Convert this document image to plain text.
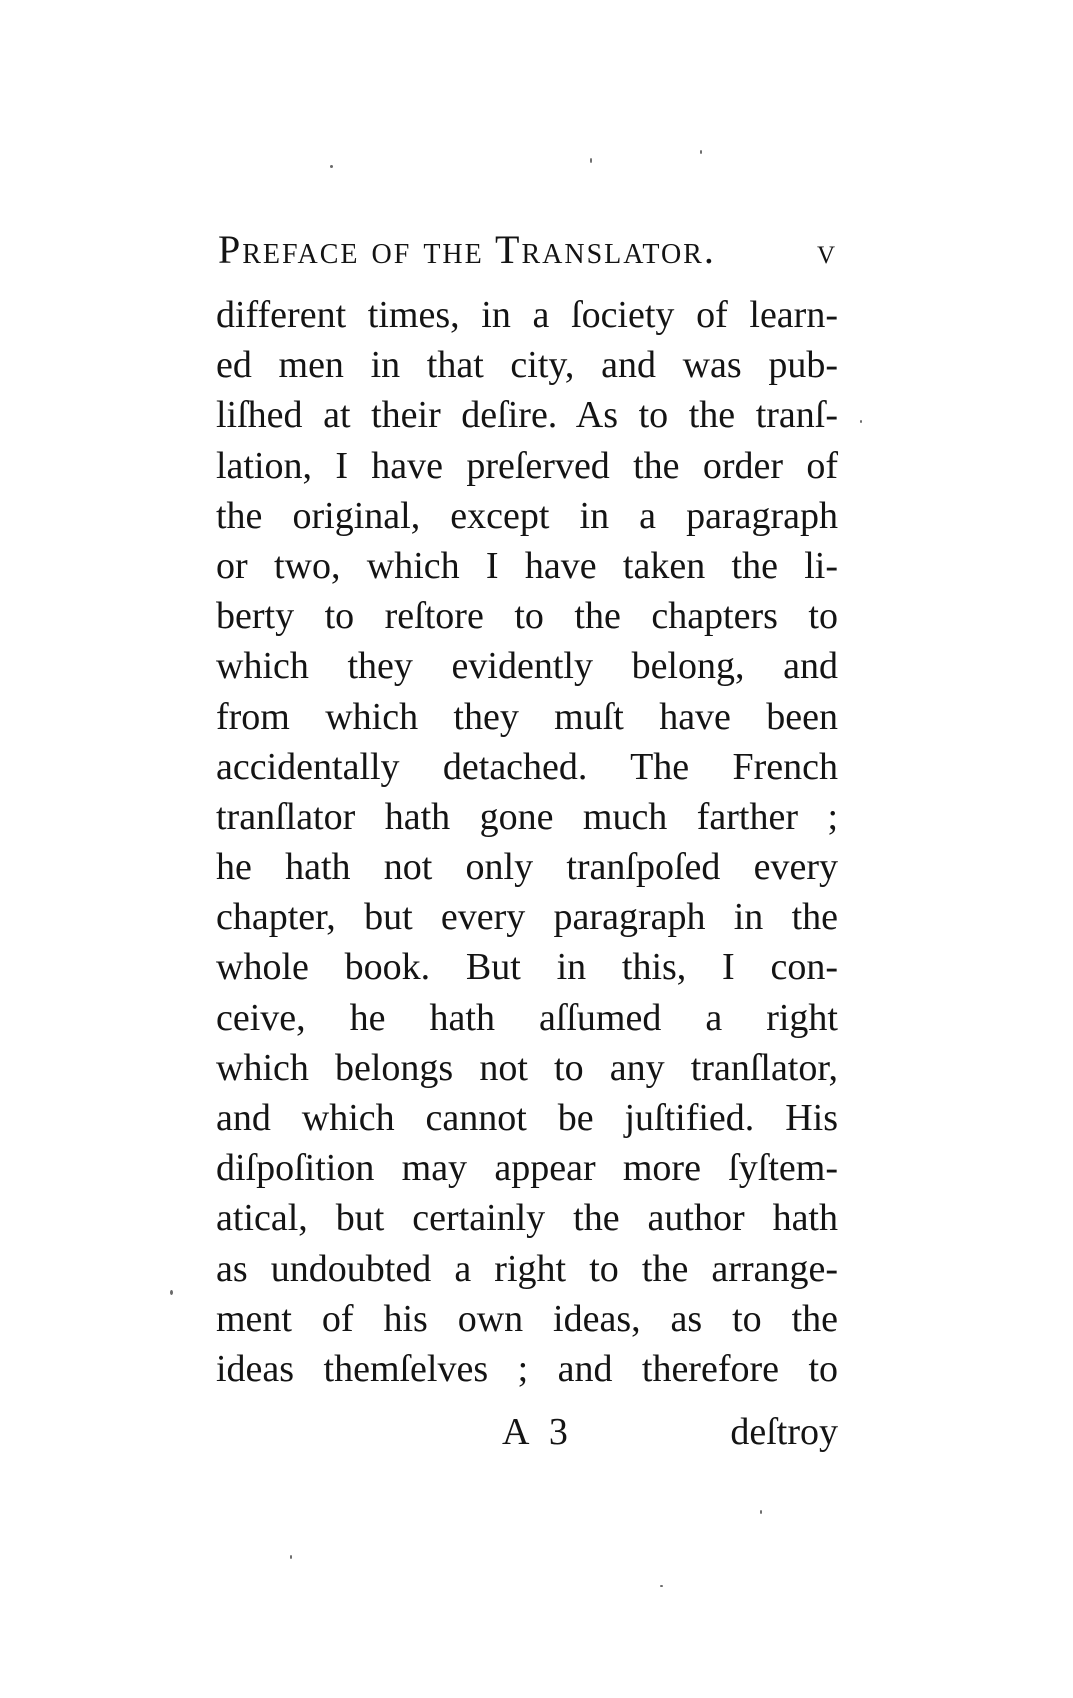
Preface of the Translator.	v
different times, in a ſociety of learn-
ed men in that city, and was pub-
liſhed at their deſire. As to the tranſ-
lation, I have preſerved the order of
the original, except in a paragraph
or two, which I have taken the li-
berty to reſtore to the chapters to
which they evidently belong, and
from which they muſt have been
accidentally detached. The French
tranſlator hath gone much farther ;
he hath not only tranſpoſed every
chapter, but every paragraph in the
whole book. But in this, I con-
ceive, he hath aſſumed a right
which belongs not to any tranſlator,
and which cannot be juſtified. His
diſpoſition may appear more ſyſtem-
atical, but certainly the author hath
as undoubted a right to the arrange-
ment of his own ideas, as to the
ideas themſelves ; and therefore to
A 3	deſtroy
